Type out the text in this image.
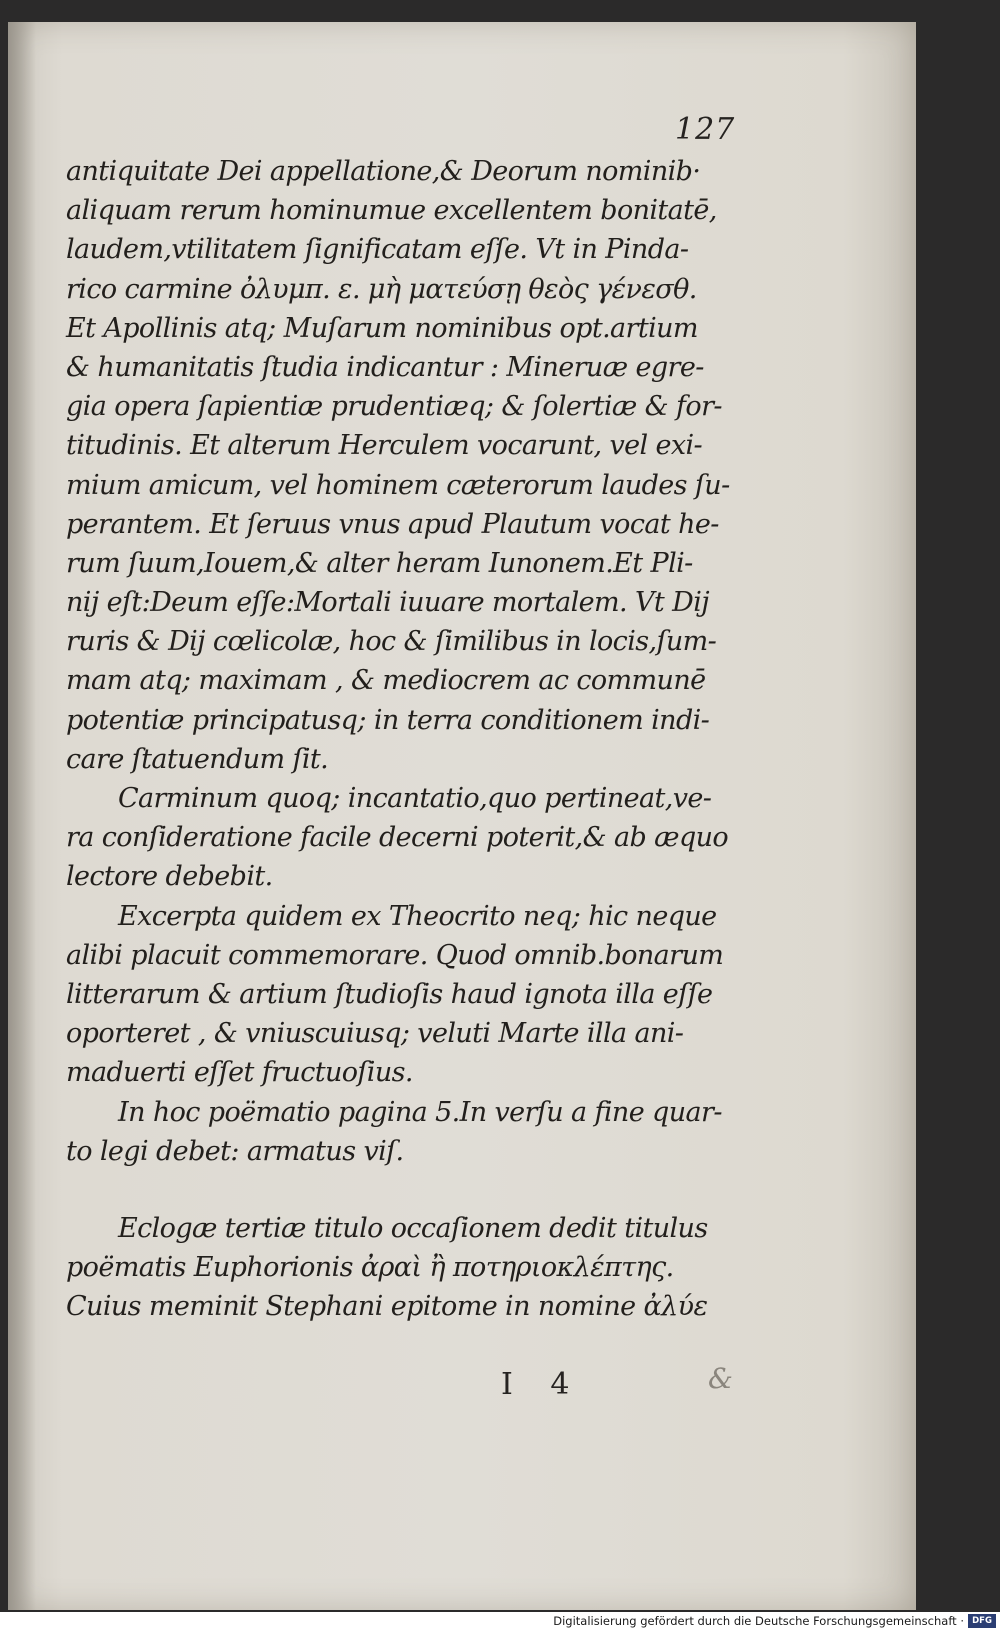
127
antiquitate Dei appellatione,& Deorum nominib·
aliquam rerum hominumue excellentem bonitatē,
laudem,vtilitatem ſignificatam eſſe. Vt in Pinda-
rico carmine ὀλυμπ. ε. μὴ ματεύσῃ θεὸς γένεσθ.
Et Apollinis atq; Muſarum nominibus opt.artium
& humanitatis ſtudia indicantur : Mineruæ egre-
gia opera ſapientiæ prudentiæq; & ſolertiæ & for-
titudinis. Et alterum Herculem vocarunt, vel exi-
mium amicum, vel hominem cæterorum laudes ſu-
perantem. Et ſeruus vnus apud Plautum vocat he-
rum ſuum,Iouem,& alter heram Iunonem.Et Pli-
nij eſt:Deum eſſe:Mortali iuuare mortalem. Vt Dij
ruris & Dij cœlicolæ, hoc & ſimilibus in locis,ſum-
mam atq; maximam , & mediocrem ac communē
potentiæ principatusq; in terra conditionem indi-
care ſtatuendum ſit.
Carminum quoq; incantatio,quo pertineat,ve-
ra conſideratione facile decerni poterit,& ab æquo
lectore debebit.
Excerpta quidem ex Theocrito neq; hic neque
alibi placuit commemorare. Quod omnib.bonarum
litterarum & artium ſtudioſis haud ignota illa eſſe
oporteret , & vniuscuiusq; veluti Marte illa ani-
maduerti eſſet fructuoſius.
In hoc poëmatio pagina 5.In verſu a fine quar-
to legi debet: armatus viſ.
Eclogæ tertiæ titulo occaſionem dedit titulus
poëmatis Euphorionis ἀραὶ ἢ ποτηριοκλέπτης.
Cuius meminit Stephani epitome in nomine ἀλύε
I 4	&
Digitalisierung gefördert durch die Deutsche Forschungsgemeinschaft · DFG
